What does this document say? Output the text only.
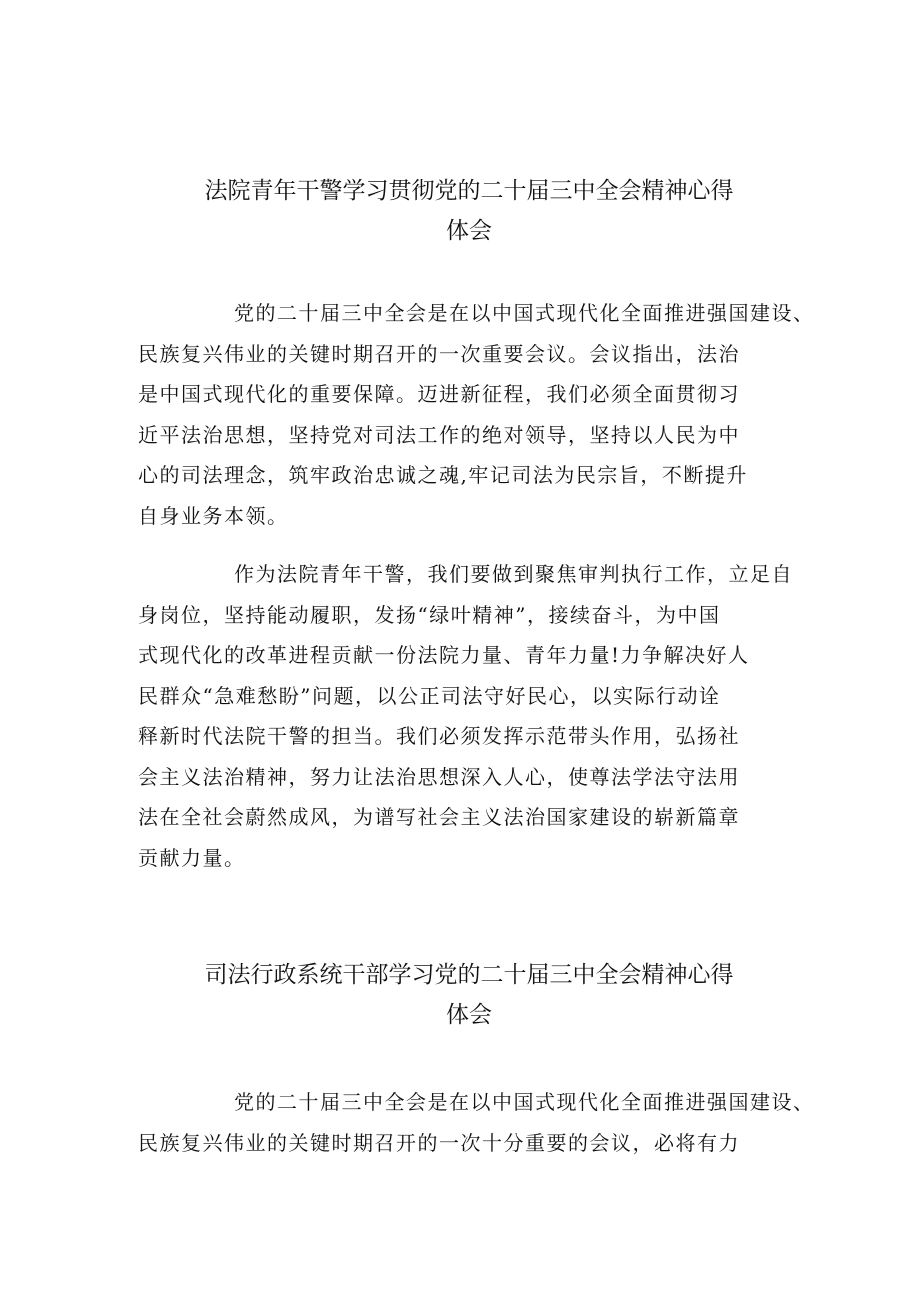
法院青年干警学习贯彻党的二十届三中全会精神心得
体会
党的二十届三中全会是在以中国式现代化全面推进强国建设、
民族复兴伟业的关键时期召开的一次重要会议。会议指出，法治
是中国式现代化的重要保障。迈进新征程，我们必须全面贯彻习
近平法治思想，坚持党对司法工作的绝对领导，坚持以人民为中
心的司法理念，筑牢政治忠诚之魂,牢记司法为民宗旨，不断提升
自身业务本领。
作为法院青年干警，我们要做到聚焦审判执行工作，立足自
身岗位，坚持能动履职，发扬“绿叶精神”，接续奋斗，为中国
式现代化的改革进程贡献一份法院力量、青年力量!力争解决好人
民群众“急难愁盼”问题，以公正司法守好民心，以实际行动诠
释新时代法院干警的担当。我们必须发挥示范带头作用，弘扬社
会主义法治精神，努力让法治思想深入人心，使尊法学法守法用
法在全社会蔚然成风，为谱写社会主义法治国家建设的崭新篇章
贡献力量。
司法行政系统干部学习党的二十届三中全会精神心得
体会
党的二十届三中全会是在以中国式现代化全面推进强国建设、
民族复兴伟业的关键时期召开的一次十分重要的会议，必将有力
